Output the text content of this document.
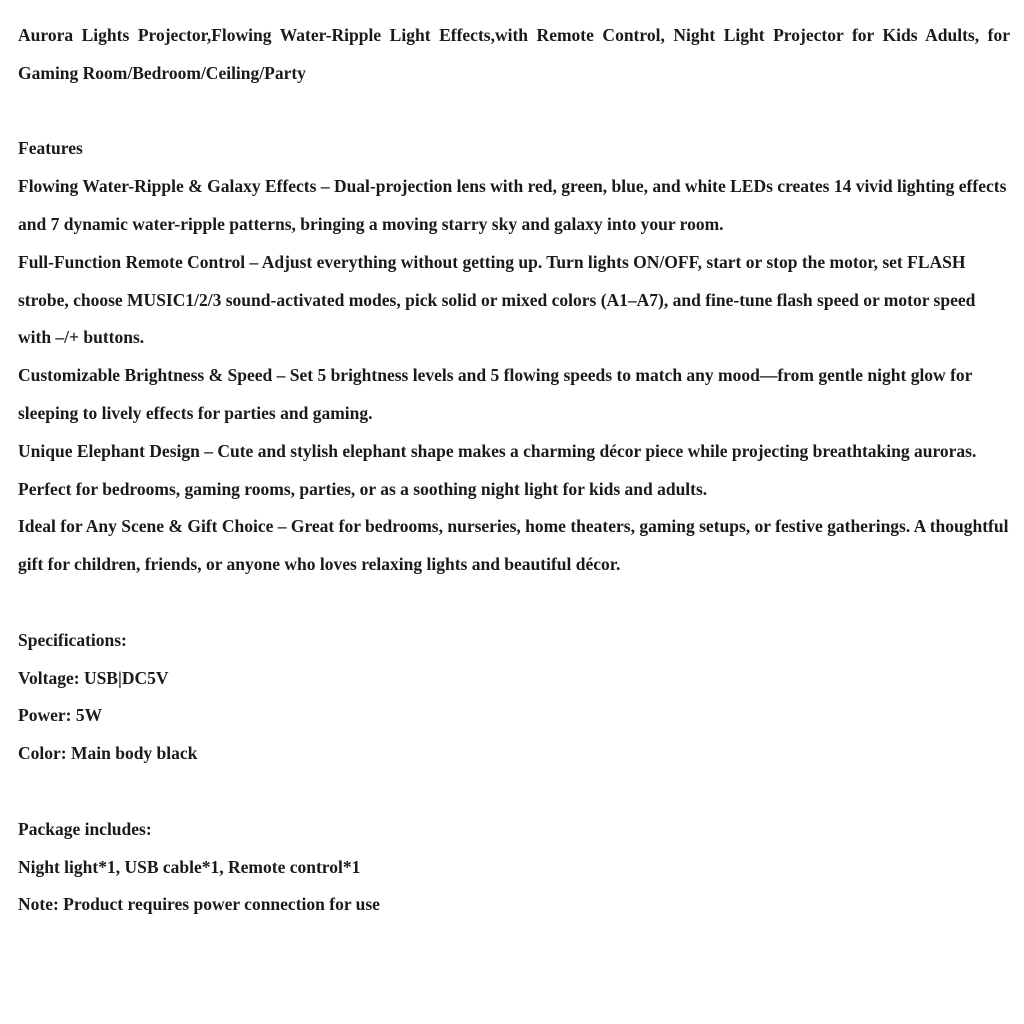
Aurora Lights Projector,Flowing Water-Ripple Light Effects,with Remote Control, Night Light Projector for Kids Adults, for Gaming Room/Bedroom/Ceiling/Party

Features

Flowing Water-Ripple & Galaxy Effects – Dual-projection lens with red, green, blue, and white LEDs creates 14 vivid lighting effects and 7 dynamic water-ripple patterns, bringing a moving starry sky and galaxy into your room.

Full-Function Remote Control – Adjust everything without getting up. Turn lights ON/OFF, start or stop the motor, set FLASH strobe, choose MUSIC1/2/3 sound-activated modes, pick solid or mixed colors (A1–A7), and fine-tune flash speed or motor speed with –/+ buttons.

Customizable Brightness & Speed – Set 5 brightness levels and 5 flowing speeds to match any mood—from gentle night glow for sleeping to lively effects for parties and gaming.

Unique Elephant Design – Cute and stylish elephant shape makes a charming décor piece while projecting breathtaking auroras. Perfect for bedrooms, gaming rooms, parties, or as a soothing night light for kids and adults.

Ideal for Any Scene & Gift Choice – Great for bedrooms, nurseries, home theaters, gaming setups, or festive gatherings. A thoughtful gift for children, friends, or anyone who loves relaxing lights and beautiful décor.

Specifications:

Voltage: USB|DC5V

Power: 5W

Color: Main body black

Package includes:

Night light*1, USB cable*1, Remote control*1

Note: Product requires power connection for use
